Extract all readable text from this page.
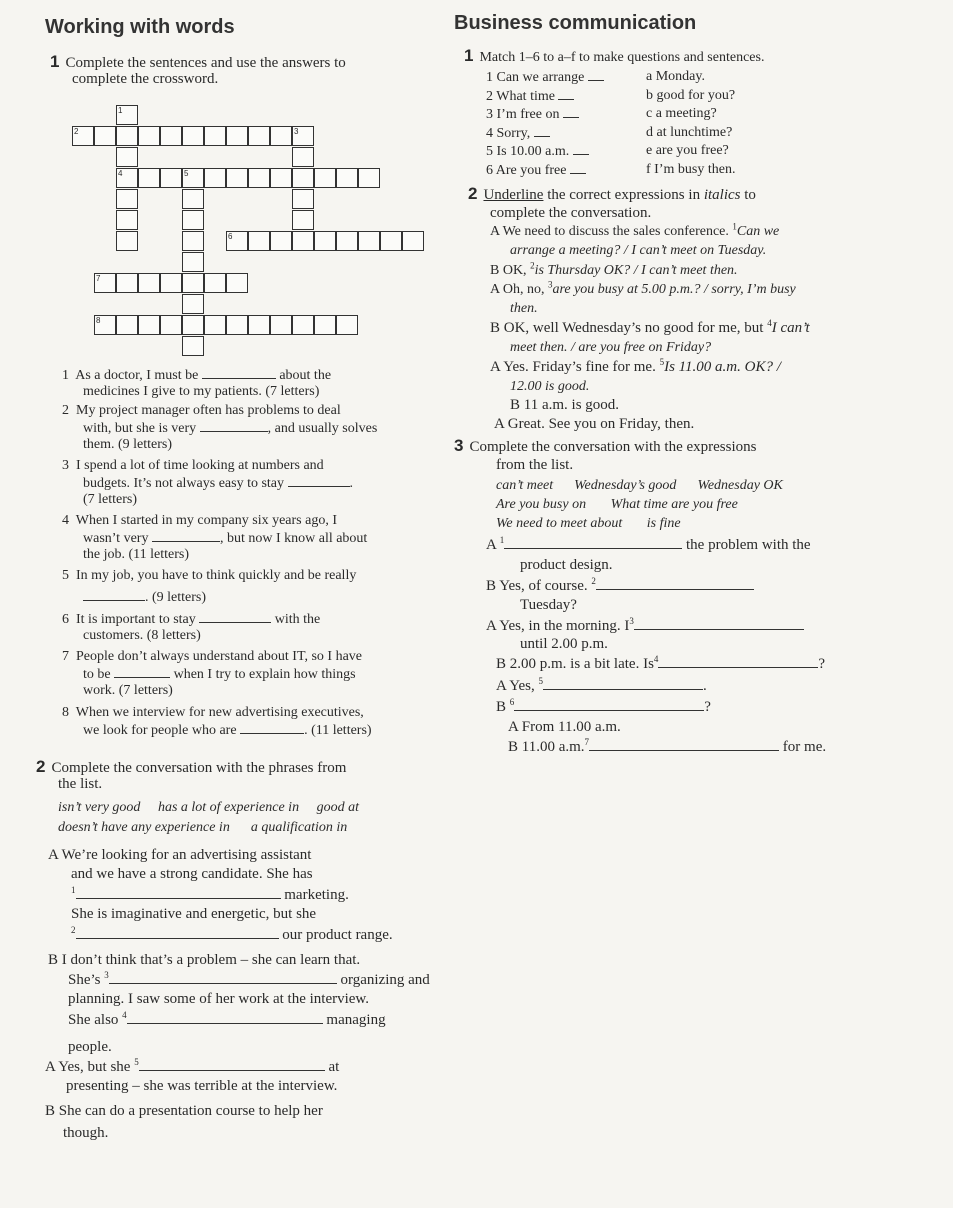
Working with words
1 Complete the sentences and use the answers to
complete the crossword.
1
2	3
4	5
6
7
8
1 As a doctor, I must be	about the
medicines I give to my patients. (7 letters)
2 My project manager often has problems to deal
with, but she is very	, and usually solves
them. (9 letters)
3 I spend a lot of time looking at numbers and
budgets. It’s not always easy to stay	.
(7 letters)
4 When I started in my company six years ago, I
wasn’t very	, but now I know all about
the job. (11 letters)
5 In my job, you have to think quickly and be really
. (9 letters)
6 It is important to stay	with the
customers. (8 letters)
7 People don’t always understand about IT, so I have
to be	when I try to explain how things
work. (7 letters)
8 When we interview for new advertising executives,
we look for people who are	. (11 letters)
2 Complete the conversation with the phrases from
the list.
isn’t very good has a lot of experience in good at
doesn’t have any experience in a qualification in
A We’re looking for an advertising assistant
and we have a strong candidate. She has
$^1$	marketing.
She is imaginative and energetic, but she
$^2$	our product range.
B I don’t think that’s a problem – she can learn that.
She’s $^3$	organizing and
planning. I saw some of her work at the interview.
She also $^4$	managing
people.
A Yes, but she $^5$	at
presenting – she was terrible at the interview.
B She can do a presentation course to help her
though.
Business communication
1 Match 1–6 to a–f to make questions and sentences.
1 Can we arrange	a Monday.
2 What time	b good for you?
3 I’m free on	c a meeting?
4 Sorry,	d at lunchtime?
5 Is 10.00 a.m.	e are you free?
6 Are you free	f I’m busy then.
2 Underline the correct expressions in italics to
complete the conversation.
A We need to discuss the sales conference. $^1$Can we
arrange a meeting? / I can’t meet on Tuesday.
B OK, $^2$is Thursday OK? / I can’t meet then.
A Oh, no, $^3$are you busy at 5.00 p.m.? / sorry, I’m busy
then.
B OK, well Wednesday’s no good for me, but $^4$I can’t
meet then. / are you free on Friday?
A Yes. Friday’s fine for me. $^5$Is 11.00 a.m. OK? /
12.00 is good.
B 11 a.m. is good.
A Great. See you on Friday, then.
3 Complete the conversation with the expressions
from the list.
can’t meet Wednesday’s good Wednesday OK
Are you busy on What time are you free
We need to meet about is fine
A $^1$	the problem with the
product design.
B Yes, of course. $^2$
Tuesday?
A Yes, in the morning. $I^3$
until 2.00 p.m.
B 2.00 p.m. is a bit late. Is$^4$	?
A Yes, $^5$	.
B $^6$	?
A From 11.00 a.m.
B 11.00 a.m.$^7$	for me.
